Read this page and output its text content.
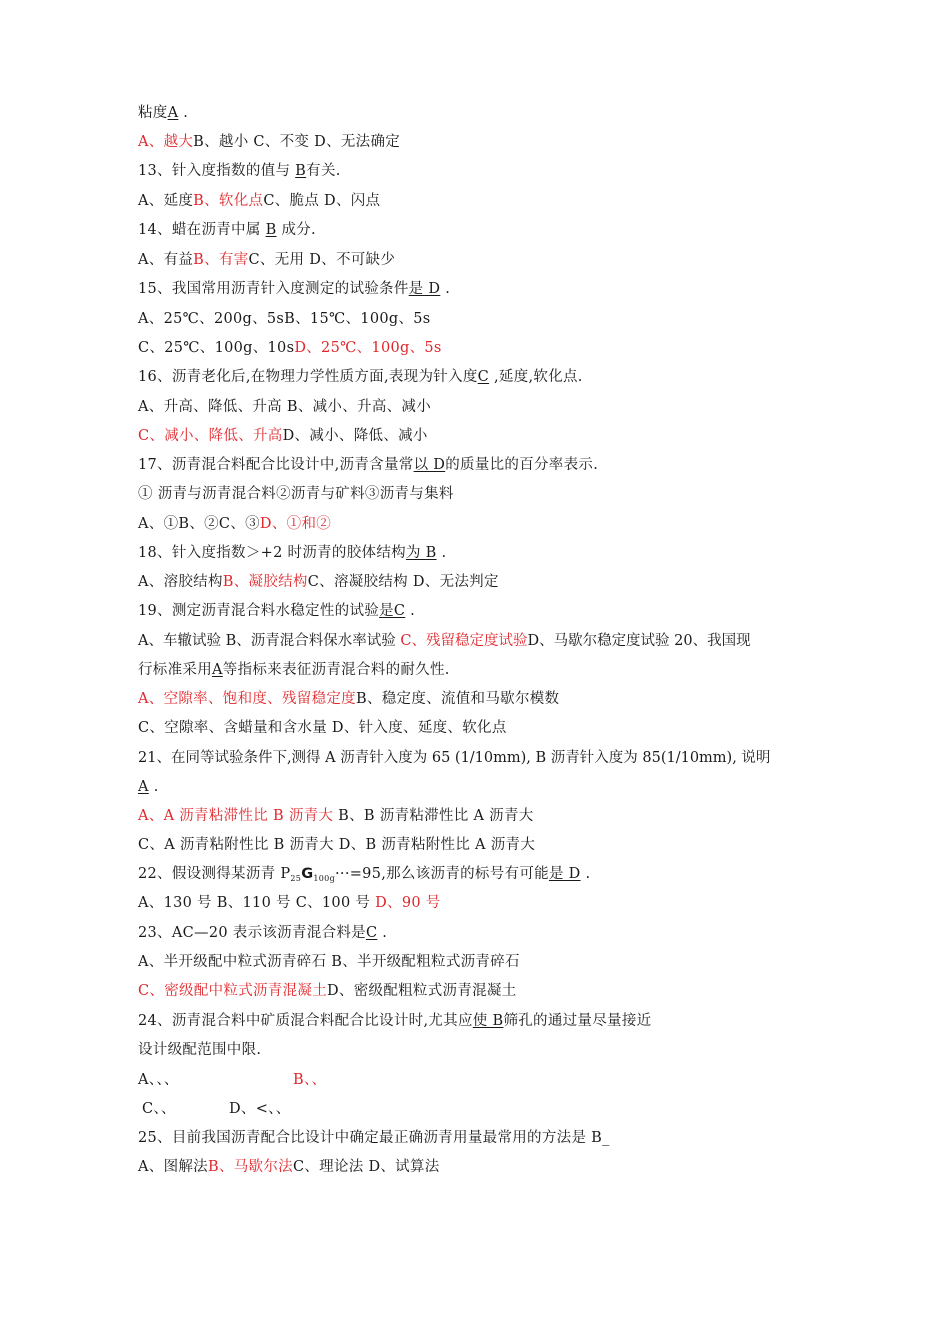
粘度A .
A、越大B、越小 C、不变 D、无法确定
13、针入度指数的值与 B有关.
A、延度B、软化点C、脆点 D、闪点
14、蜡在沥青中属 B 成分.
A、有益B、有害C、无用 D、不可缺少
15、我国常用沥青针入度测定的试验条件是 D .
A、25℃、200g、5sB、15℃、100g、5s
C、25℃、100g、10sD、25℃、100g、5s
16、沥青老化后,在物理力学性质方面,表现为针入度C ,延度,软化点.
A、升高、降低、升高 B、减小、升高、减小
C、减小、降低、升高D、减小、降低、减小
17、沥青混合料配合比设计中,沥青含量常以 D的质量比的百分率表示.
① 沥青与沥青混合料②沥青与矿料③沥青与集料
A、①B、②C、③D、①和②
18、针入度指数＞+2 时沥青的胶体结构为 B .
A、溶胶结构B、凝胶结构C、溶凝胶结构 D、无法判定
19、测定沥青混合料水稳定性的试验是C .
A、车辙试验 B、沥青混合料保水率试验 C、残留稳定度试验D、马歇尔稳定度试验 20、我国现
行标准采用A等指标来表征沥青混合料的耐久性.
A、空隙率、饱和度、残留稳定度B、稳定度、流值和马歇尔模数
C、空隙率、含蜡量和含水量 D、针入度、延度、软化点
21、在同等试验条件下,测得 A 沥青针入度为 65 (1/10mm), B 沥青针入度为 85(1/10mm), 说明
A .
A、A 沥青粘滞性比 B 沥青大 B、B 沥青粘滞性比 A 沥青大
C、A 沥青粘附性比 B 沥青大 D、B 沥青粘附性比 A 沥青大
22、假设测得某沥青 $P_{25}G_{100g}\cdot\cdot\cdot=95$,那么该沥青的标号有可能是 D .
A、130 号 B、110 号 C、100 号 D、90 号
23、AC—20 表示该沥青混合料是C .
A、半开级配中粒式沥青碎石 B、半开级配粗粒式沥青碎石
C、密级配中粒式沥青混凝土D、密级配粗粒式沥青混凝土
24、沥青混合料中矿质混合料配合比设计时,尤其应使 B筛孔的通过量尽量接近
设计级配范围中限.
A、、、	B、、
C、、	D、<、、
25、目前我国沥青配合比设计中确定最正确沥青用量最常用的方法是 B_
A、图解法B、马歇尔法C、理论法 D、试算法
